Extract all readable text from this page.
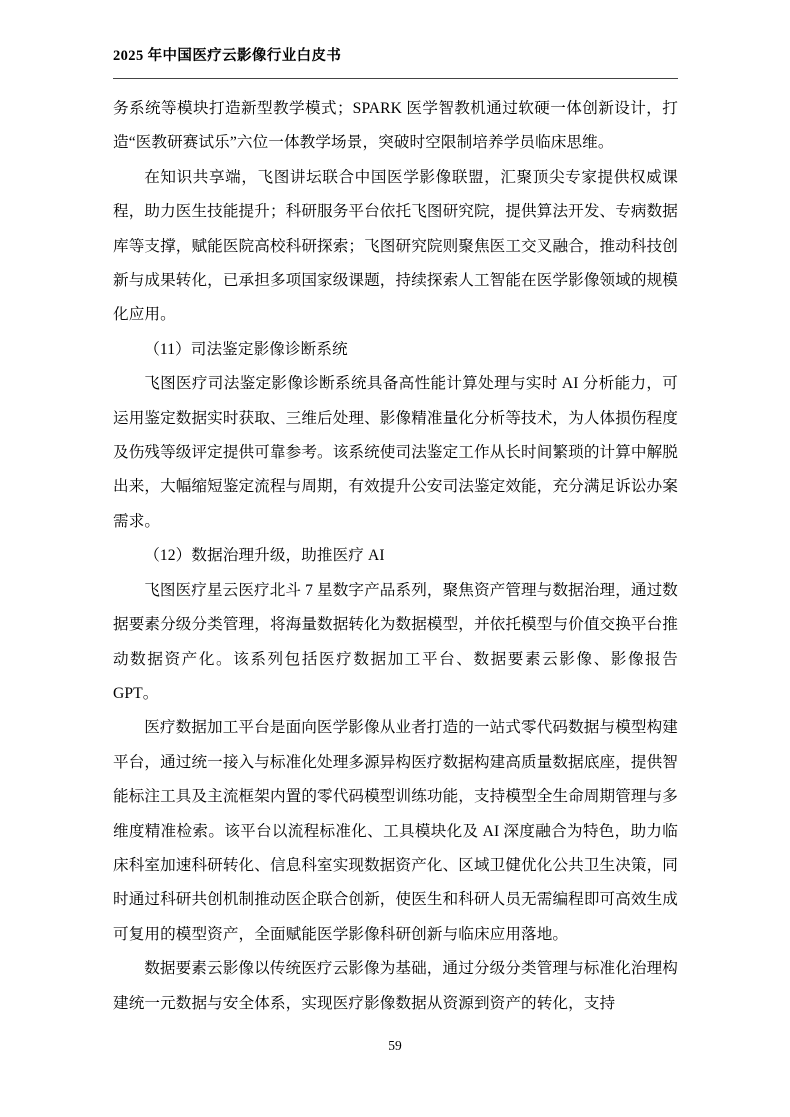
2025 年中国医疗云影像行业白皮书

务系统等模块打造新型教学模式；SPARK 医学智教机通过软硬一体创新设计，打造“医教研赛试乐”六位一体教学场景，突破时空限制培养学员临床思维。

在知识共享端，飞图讲坛联合中国医学影像联盟，汇聚顶尖专家提供权威课程，助力医生技能提升；科研服务平台依托飞图研究院，提供算法开发、专病数据库等支撑，赋能医院高校科研探索；飞图研究院则聚焦医工交叉融合，推动科技创新与成果转化，已承担多项国家级课题，持续探索人工智能在医学影像领域的规模化应用。

（11）司法鉴定影像诊断系统

飞图医疗司法鉴定影像诊断系统具备高性能计算处理与实时 AI 分析能力，可运用鉴定数据实时获取、三维后处理、影像精准量化分析等技术，为人体损伤程度及伤残等级评定提供可靠参考。该系统使司法鉴定工作从长时间繁琐的计算中解脱出来，大幅缩短鉴定流程与周期，有效提升公安司法鉴定效能，充分满足诉讼办案需求。

（12）数据治理升级，助推医疗 AI

飞图医疗星云医疗北斗 7 星数字产品系列，聚焦资产管理与数据治理，通过数据要素分级分类管理，将海量数据转化为数据模型，并依托模型与价值交换平台推动数据资产化。该系列包括医疗数据加工平台、数据要素云影像、影像报告 GPT。

医疗数据加工平台是面向医学影像从业者打造的一站式零代码数据与模型构建平台，通过统一接入与标准化处理多源异构医疗数据构建高质量数据底座，提供智能标注工具及主流框架内置的零代码模型训练功能，支持模型全生命周期管理与多维度精准检索。该平台以流程标准化、工具模块化及 AI 深度融合为特色，助力临床科室加速科研转化、信息科室实现数据资产化、区域卫健优化公共卫生决策，同时通过科研共创机制推动医企联合创新，使医生和科研人员无需编程即可高效生成可复用的模型资产，全面赋能医学影像科研创新与临床应用落地。

数据要素云影像以传统医疗云影像为基础，通过分级分类管理与标准化治理构建统一元数据与安全体系，实现医疗影像数据从资源到资产的转化，支持

59
